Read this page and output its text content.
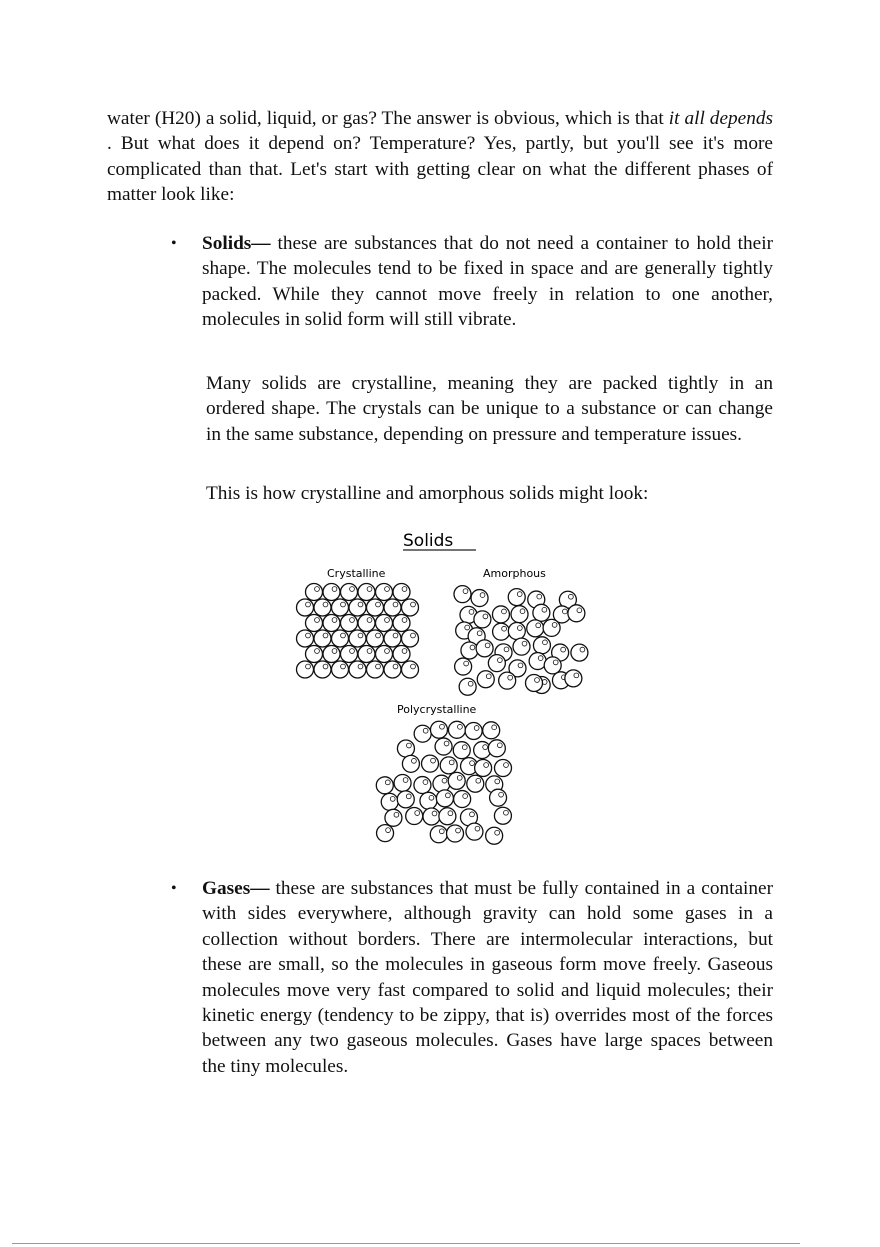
water (H20) a solid, liquid, or gas? The answer is obvious, which is that it all depends . But what does it depend on? Temperature? Yes, partly, but you'll see it's more complicated than that. Let's start with getting clear on what the different phases of matter look like:
• Solids— these are substances that do not need a container to hold their shape. The molecules tend to be fixed in space and are generally tightly packed. While they cannot move freely in relation to one another, molecules in solid form will still vibrate.
Many solids are crystalline, meaning they are packed tightly in an ordered shape. The crystals can be unique to a substance or can change in the same substance, depending on pressure and temperature issues.
This is how crystalline and amorphous solids might look:
Solids
Crystalline	Amorphous
Polycrystalline
• Gases— these are substances that must be fully contained in a container with sides everywhere, although gravity can hold some gases in a collection without borders. There are intermolecular interactions, but these are small, so the molecules in gaseous form move freely. Gaseous molecules move very fast compared to solid and liquid molecules; their kinetic energy (tendency to be zippy, that is) overrides most of the forces between any two gaseous molecules. Gases have large spaces between the tiny molecules.
